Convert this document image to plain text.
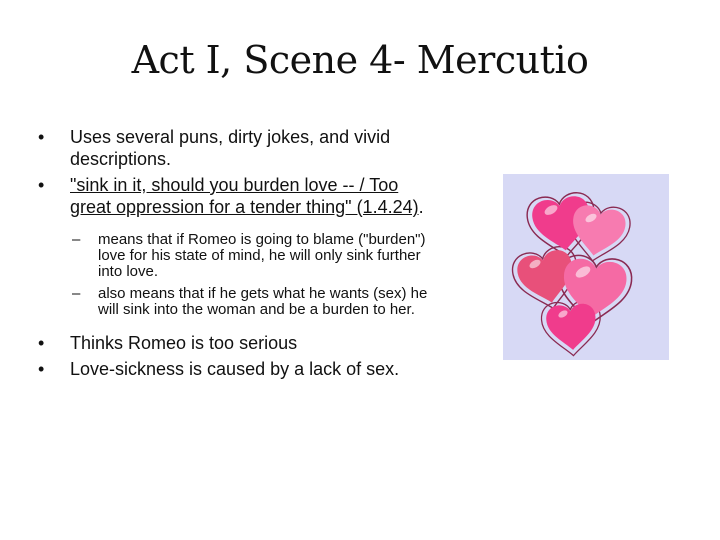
Act I, Scene 4- Mercutio
• Uses several puns, dirty jokes, and vivid descriptions.
• "sink in it, should you burden love -- / Too great oppression for a tender thing" (1.4.24).
– means that if Romeo is going to blame ("burden") love for his state of mind, he will only sink further into love.
– also means that if he gets what he wants (sex) he will sink into the woman and be a burden to her.
• Thinks Romeo is too serious
• Love-sickness is caused by a lack of sex.
